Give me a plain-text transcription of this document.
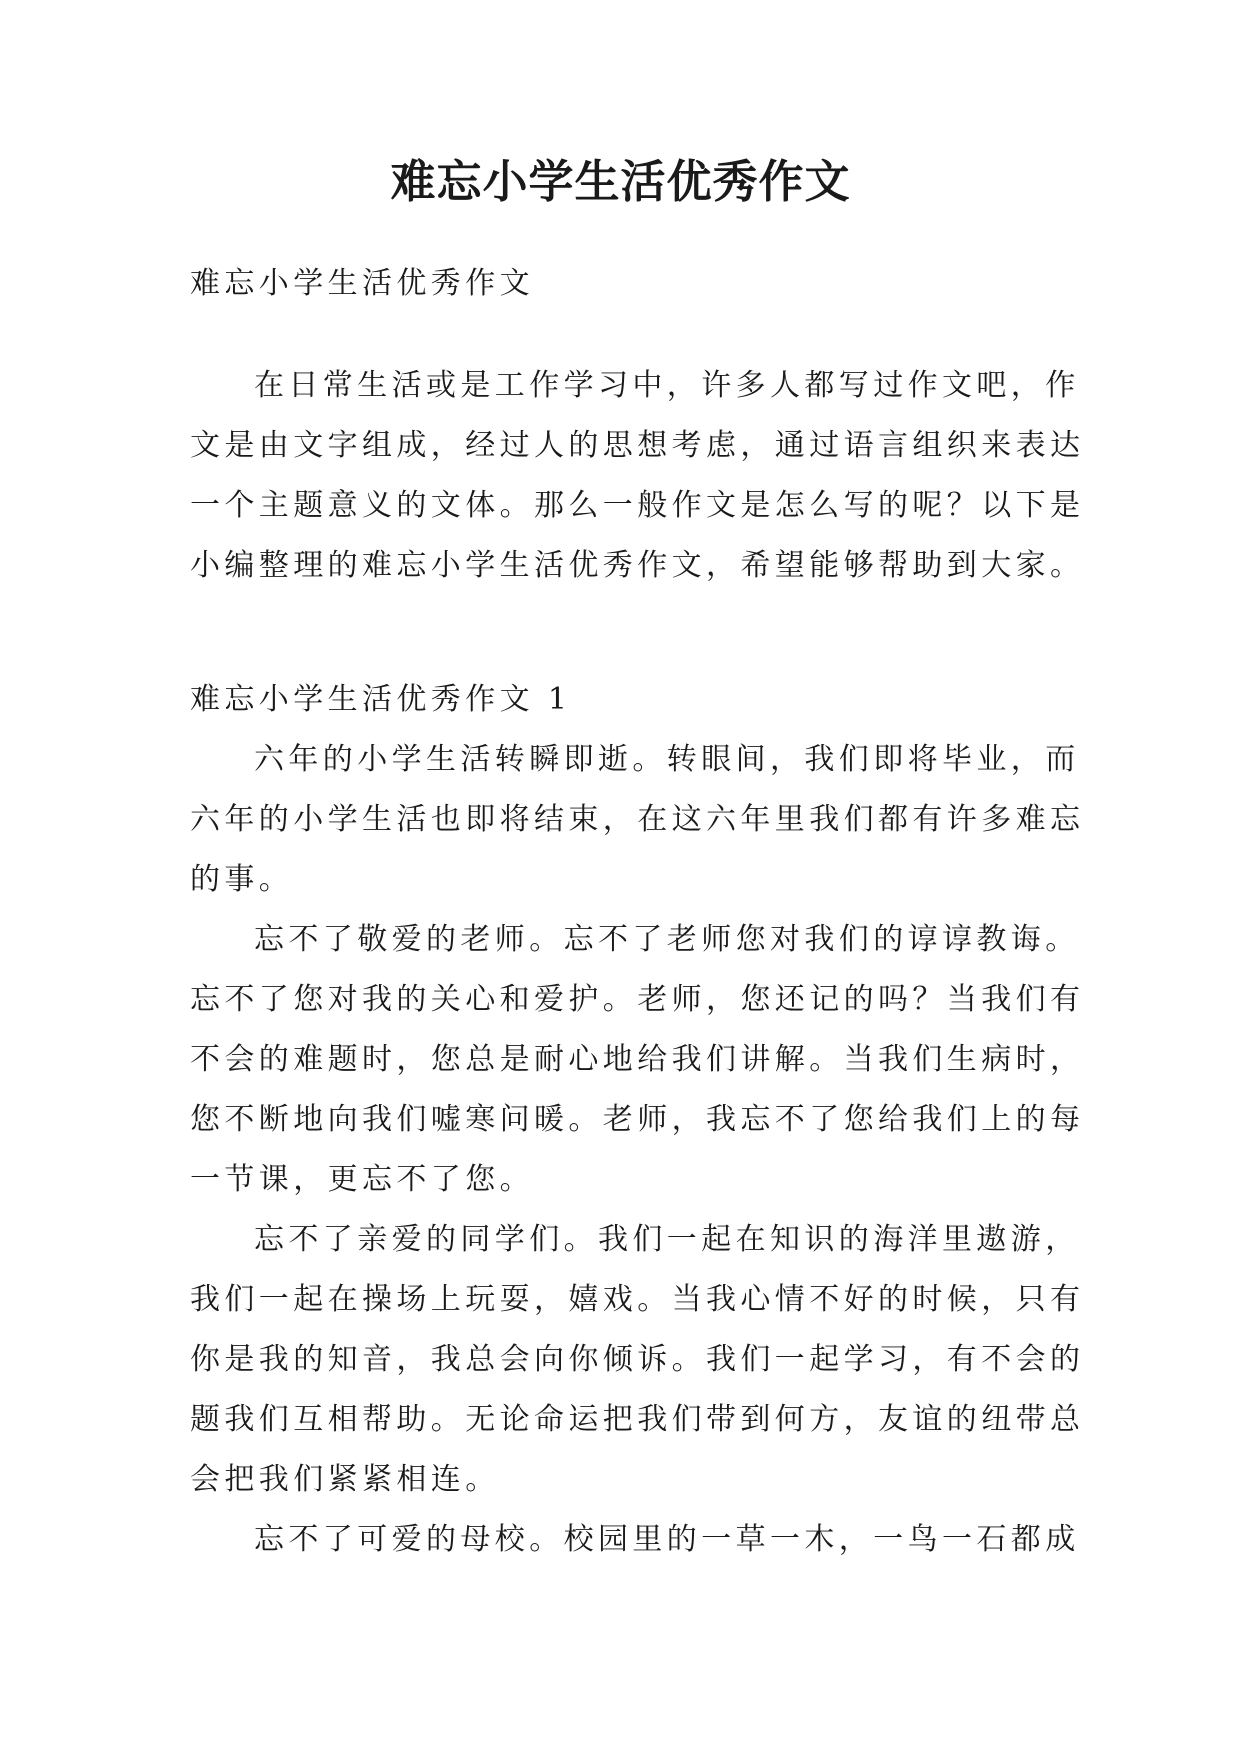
难忘小学生活优秀作文
难忘小学生活优秀作文
在日常生活或是工作学习中，许多人都写过作文吧，作
文是由文字组成，经过人的思想考虑，通过语言组织来表达
一个主题意义的文体。那么一般作文是怎么写的呢？以下是
小编整理的难忘小学生活优秀作文，希望能够帮助到大家。
难忘小学生活优秀作文 1
六年的小学生活转瞬即逝。转眼间，我们即将毕业，而
六年的小学生活也即将结束，在这六年里我们都有许多难忘
的事。
忘不了敬爱的老师。忘不了老师您对我们的谆谆教诲。
忘不了您对我的关心和爱护。老师，您还记的吗？当我们有
不会的难题时，您总是耐心地给我们讲解。当我们生病时，
您不断地向我们嘘寒问暖。老师，我忘不了您给我们上的每
一节课，更忘不了您。
忘不了亲爱的同学们。我们一起在知识的海洋里遨游，
我们一起在操场上玩耍，嬉戏。当我心情不好的时候，只有
你是我的知音，我总会向你倾诉。我们一起学习，有不会的
题我们互相帮助。无论命运把我们带到何方，友谊的纽带总
会把我们紧紧相连。
忘不了可爱的母校。校园里的一草一木，一鸟一石都成
